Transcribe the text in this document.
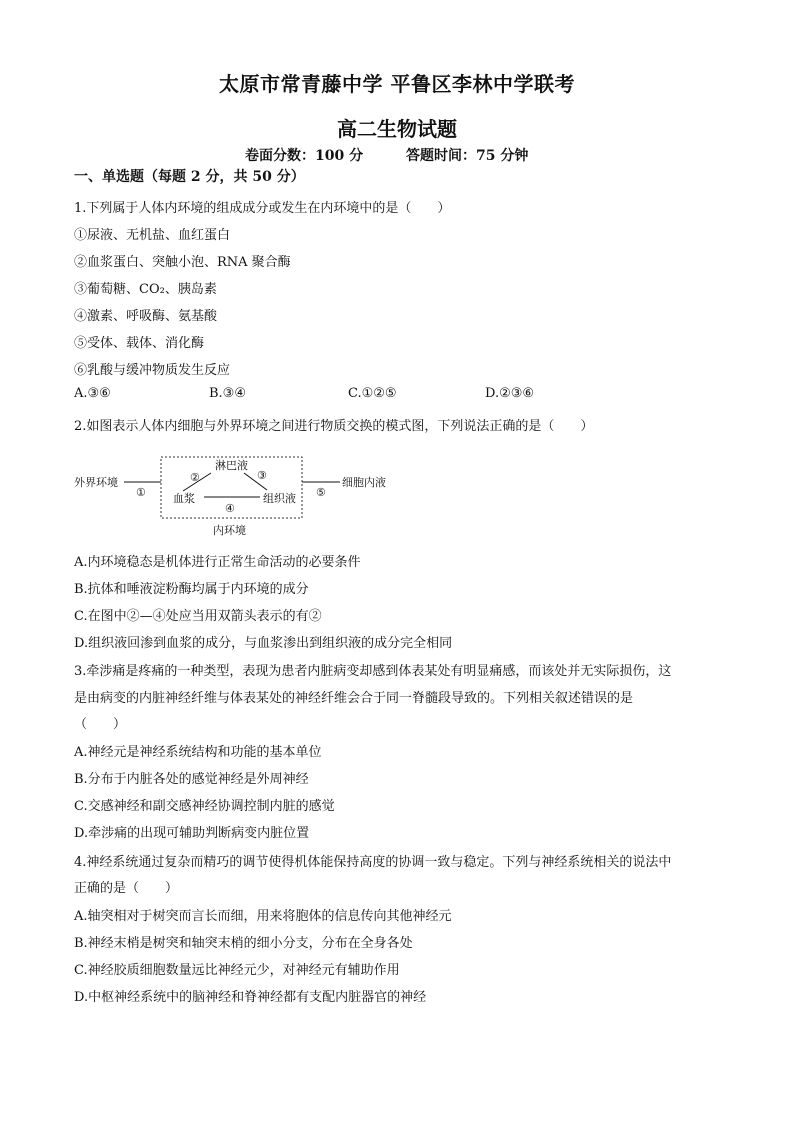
太原市常青藤中学 平鲁区李林中学联考
高二生物试题
卷面分数：100 分	答题时间：75 分钟
一、单选题（每题 2 分，共 50 分）
1.下列属于人体内环境的组成成分或发生在内环境中的是（　　）
①尿液、无机盐、血红蛋白
②血浆蛋白、突触小泡、RNA 聚合酶
③葡萄糖、CO₂、胰岛素
④激素、呼吸酶、氨基酸
⑤受体、载体、消化酶
⑥乳酸与缓冲物质发生反应
A.③⑥	B.③④	C.①②⑤	D.②③⑥
2.如图表示人体内细胞与外界环境之间进行物质交换的模式图，下列说法正确的是（　　）
外界环境
①
淋巴液
②	③
血浆
④
组织液 ⑤
细胞内液
内环境
A.内环境稳态是机体进行正常生命活动的必要条件
B.抗体和唾液淀粉酶均属于内环境的成分
C.在图中②—④处应当用双箭头表示的有②
D.组织液回渗到血浆的成分，与血浆渗出到组织液的成分完全相同
3.牵涉痛是疼痛的一种类型，表现为患者内脏病变却感到体表某处有明显痛感，而该处并无实际损伤，这
是由病变的内脏神经纤维与体表某处的神经纤维会合于同一脊髓段导致的。下列相关叙述错误的是
（　　）
A.神经元是神经系统结构和功能的基本单位
B.分布于内脏各处的感觉神经是外周神经
C.交感神经和副交感神经协调控制内脏的感觉
D.牵涉痛的出现可辅助判断病变内脏位置
4.神经系统通过复杂而精巧的调节使得机体能保持高度的协调一致与稳定。下列与神经系统相关的说法中
正确的是（　　）
A.轴突相对于树突而言长而细，用来将胞体的信息传向其他神经元
B.神经末梢是树突和轴突末梢的细小分支，分布在全身各处
C.神经胶质细胞数量远比神经元少，对神经元有辅助作用
D.中枢神经系统中的脑神经和脊神经都有支配内脏器官的神经
